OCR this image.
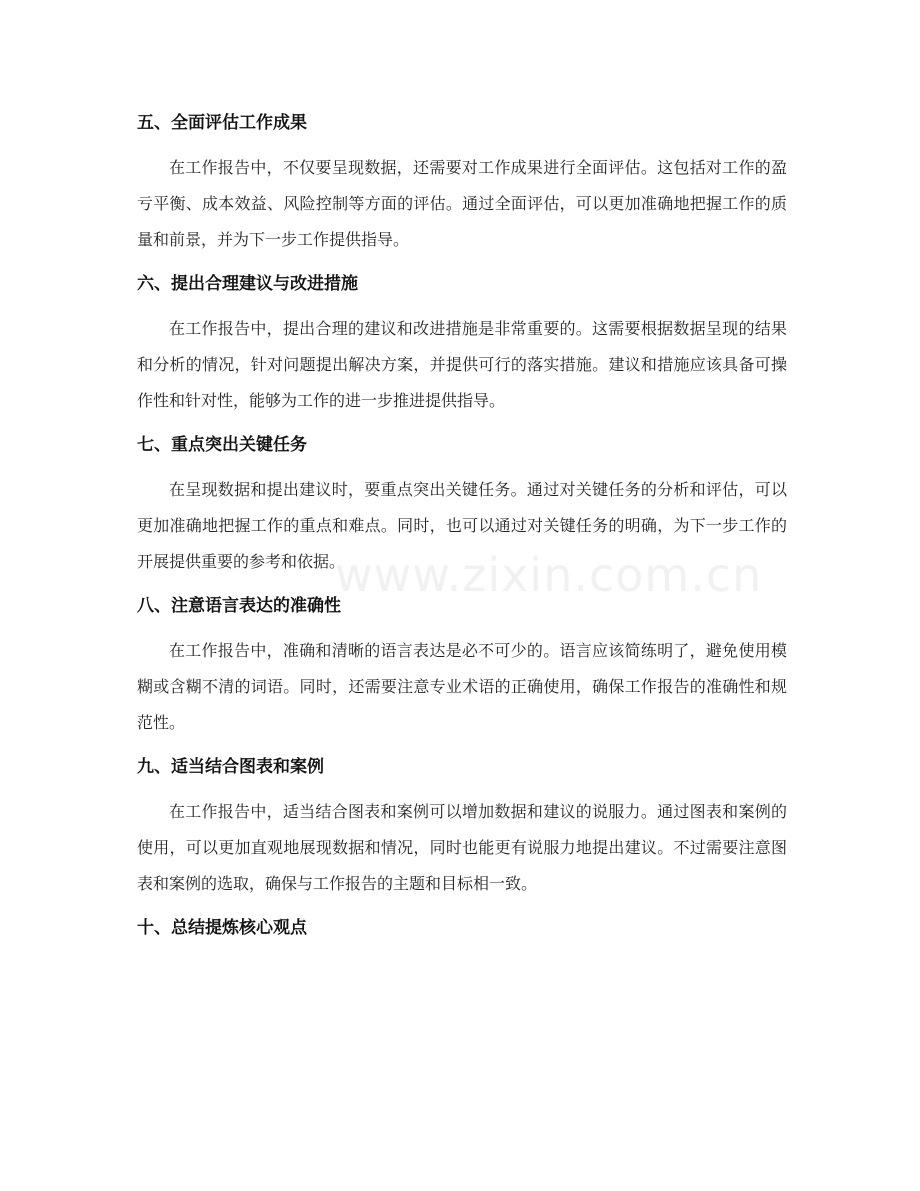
五、全面评估工作成果

在工作报告中，不仅要呈现数据，还需要对工作成果进行全面评估。这包括对工作的盈亏平衡、成本效益、风险控制等方面的评估。通过全面评估，可以更加准确地把握工作的质量和前景，并为下一步工作提供指导。

六、提出合理建议与改进措施

在工作报告中，提出合理的建议和改进措施是非常重要的。这需要根据数据呈现的结果和分析的情况，针对问题提出解决方案，并提供可行的落实措施。建议和措施应该具备可操作性和针对性，能够为工作的进一步推进提供指导。

七、重点突出关键任务

在呈现数据和提出建议时，要重点突出关键任务。通过对关键任务的分析和评估，可以更加准确地把握工作的重点和难点。同时，也可以通过对关键任务的明确，为下一步工作的开展提供重要的参考和依据。

八、注意语言表达的准确性

在工作报告中，准确和清晰的语言表达是必不可少的。语言应该简练明了，避免使用模糊或含糊不清的词语。同时，还需要注意专业术语的正确使用，确保工作报告的准确性和规范性。

九、适当结合图表和案例

在工作报告中，适当结合图表和案例可以增加数据和建议的说服力。通过图表和案例的使用，可以更加直观地展现数据和情况，同时也能更有说服力地提出建议。不过需要注意图表和案例的选取，确保与工作报告的主题和目标相一致。

十、总结提炼核心观点
www.zixin.com.cn
